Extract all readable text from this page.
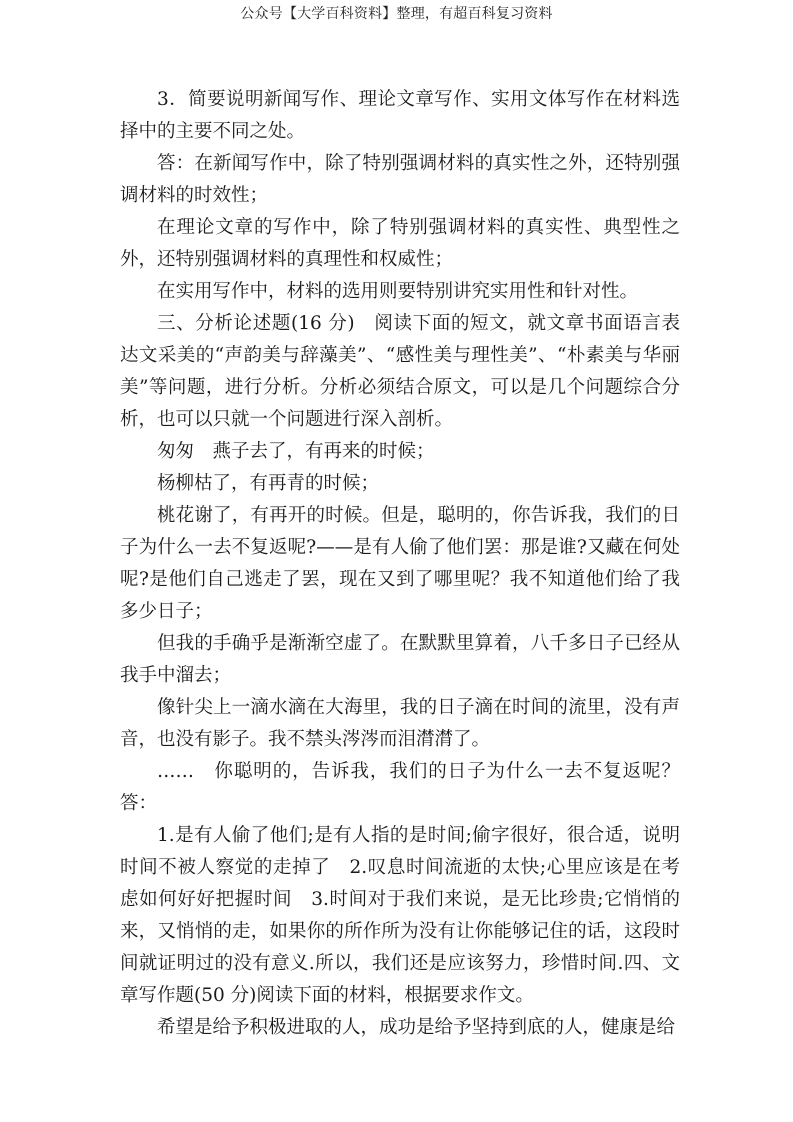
公众号【大学百科资料】整理，有超百科复习资料

3．简要说明新闻写作、理论文章写作、实用文体写作在材料选择中的主要不同之处。

答：在新闻写作中，除了特别强调材料的真实性之外，还特别强调材料的时效性；

在理论文章的写作中，除了特别强调材料的真实性、典型性之外，还特别强调材料的真理性和权威性；

在实用写作中，材料的选用则要特别讲究实用性和针对性。

三、分析论述题(16 分)　阅读下面的短文，就文章书面语言表达文采美的“声韵美与辞藻美”、“感性美与理性美”、“朴素美与华丽美”等问题，进行分析。分析必须结合原文，可以是几个问题综合分析，也可以只就一个问题进行深入剖析。

匆匆　燕子去了，有再来的时候；

杨柳枯了，有再青的时候；

桃花谢了，有再开的时候。但是，聪明的，你告诉我，我们的日子为什么一去不复返呢?——是有人偷了他们罢：那是谁?又藏在何处呢?是他们自己逃走了罢，现在又到了哪里呢？我不知道他们给了我多少日子；

但我的手确乎是渐渐空虚了。在默默里算着，八千多日子已经从我手中溜去；

像针尖上一滴水滴在大海里，我的日子滴在时间的流里，没有声音，也没有影子。我不禁头涔涔而泪潸潸了。

……　你聪明的，告诉我，我们的日子为什么一去不复返呢？答：

1.是有人偷了他们;是有人指的是时间;偷字很好，很合适，说明时间不被人察觉的走掉了　2.叹息时间流逝的太快;心里应该是在考虑如何好好把握时间　3.时间对于我们来说，是无比珍贵;它悄悄的来，又悄悄的走，如果你的所作所为没有让你能够记住的话，这段时间就证明过的没有意义.所以，我们还是应该努力，珍惜时间.四、文章写作题(50 分)阅读下面的材料，根据要求作文。

希望是给予积极进取的人，成功是给予坚持到底的人，健康是给
